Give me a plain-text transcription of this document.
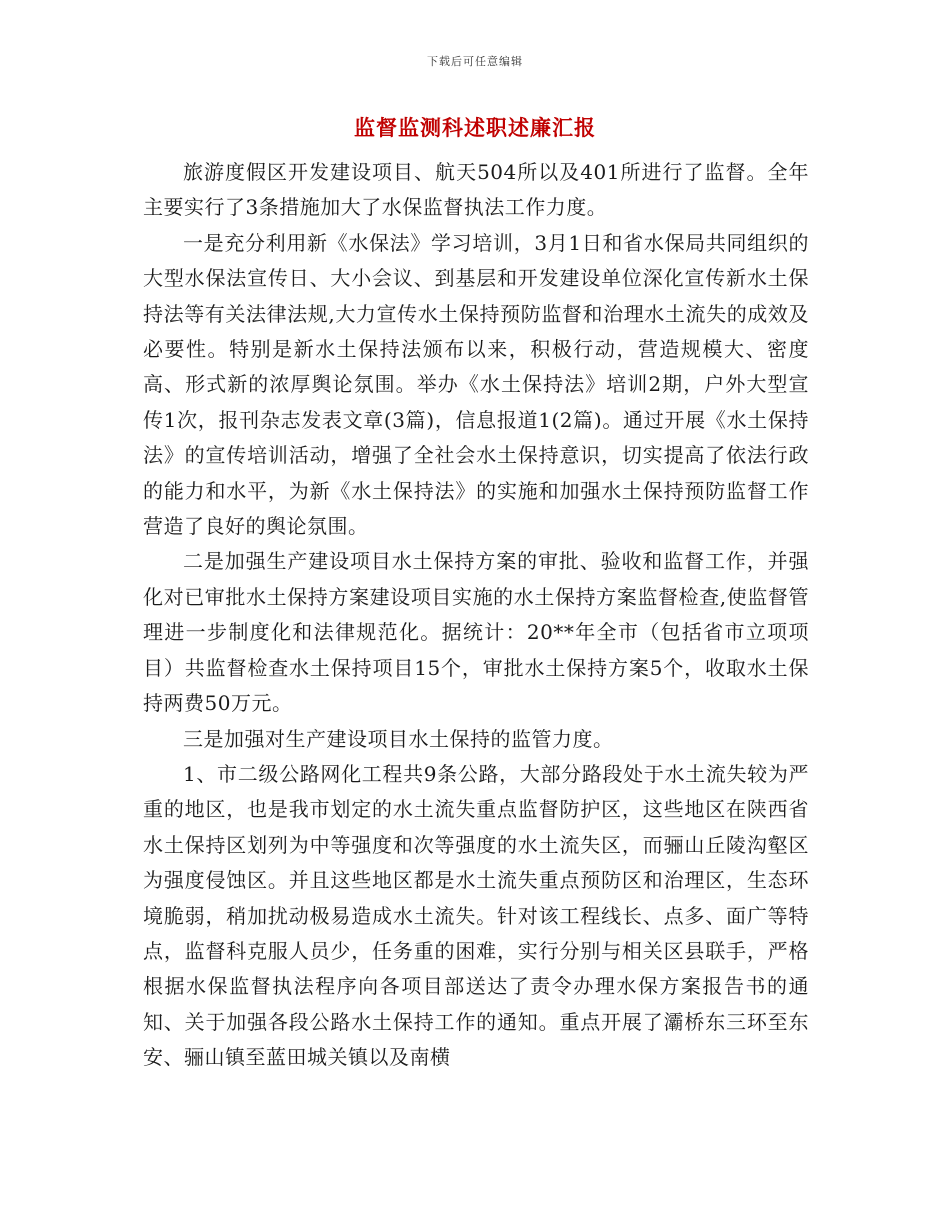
下载后可任意编辑
监督监测科述职述廉汇报

旅游度假区开发建设项目、航天504所以及401所进行了监督。全年主要实行了3条措施加大了水保监督执法工作力度。

一是充分利用新《水保法》学习培训，3月1日和省水保局共同组织的大型水保法宣传日、大小会议、到基层和开发建设单位深化宣传新水土保持法等有关法律法规,大力宣传水土保持预防监督和治理水土流失的成效及必要性。特别是新水土保持法颁布以来，积极行动，营造规模大、密度高、形式新的浓厚舆论氛围。举办《水土保持法》培训2期，户外大型宣传1次，报刊杂志发表文章(3篇)，信息报道1(2篇)。通过开展《水土保持法》的宣传培训活动，增强了全社会水土保持意识，切实提高了依法行政的能力和水平，为新《水土保持法》的实施和加强水土保持预防监督工作营造了良好的舆论氛围。

二是加强生产建设项目水土保持方案的审批、验收和监督工作，并强化对已审批水土保持方案建设项目实施的水土保持方案监督检查,使监督管理进一步制度化和法律规范化。据统计：20**年全市（包括省市立项项目）共监督检查水土保持项目15个，审批水土保持方案5个，收取水土保持两费50万元。

三是加强对生产建设项目水土保持的监管力度。

1、市二级公路网化工程共9条公路，大部分路段处于水土流失较为严重的地区，也是我市划定的水土流失重点监督防护区，这些地区在陕西省水土保持区划列为中等强度和次等强度的水土流失区，而骊山丘陵沟壑区为强度侵蚀区。并且这些地区都是水土流失重点预防区和治理区，生态环境脆弱，稍加扰动极易造成水土流失。针对该工程线长、点多、面广等特点，监督科克服人员少，任务重的困难，实行分别与相关区县联手，严格根据水保监督执法程序向各项目部送达了责令办理水保方案报告书的通知、关于加强各段公路水土保持工作的通知。重点开展了灞桥东三环至东安、骊山镇至蓝田城关镇以及南横
